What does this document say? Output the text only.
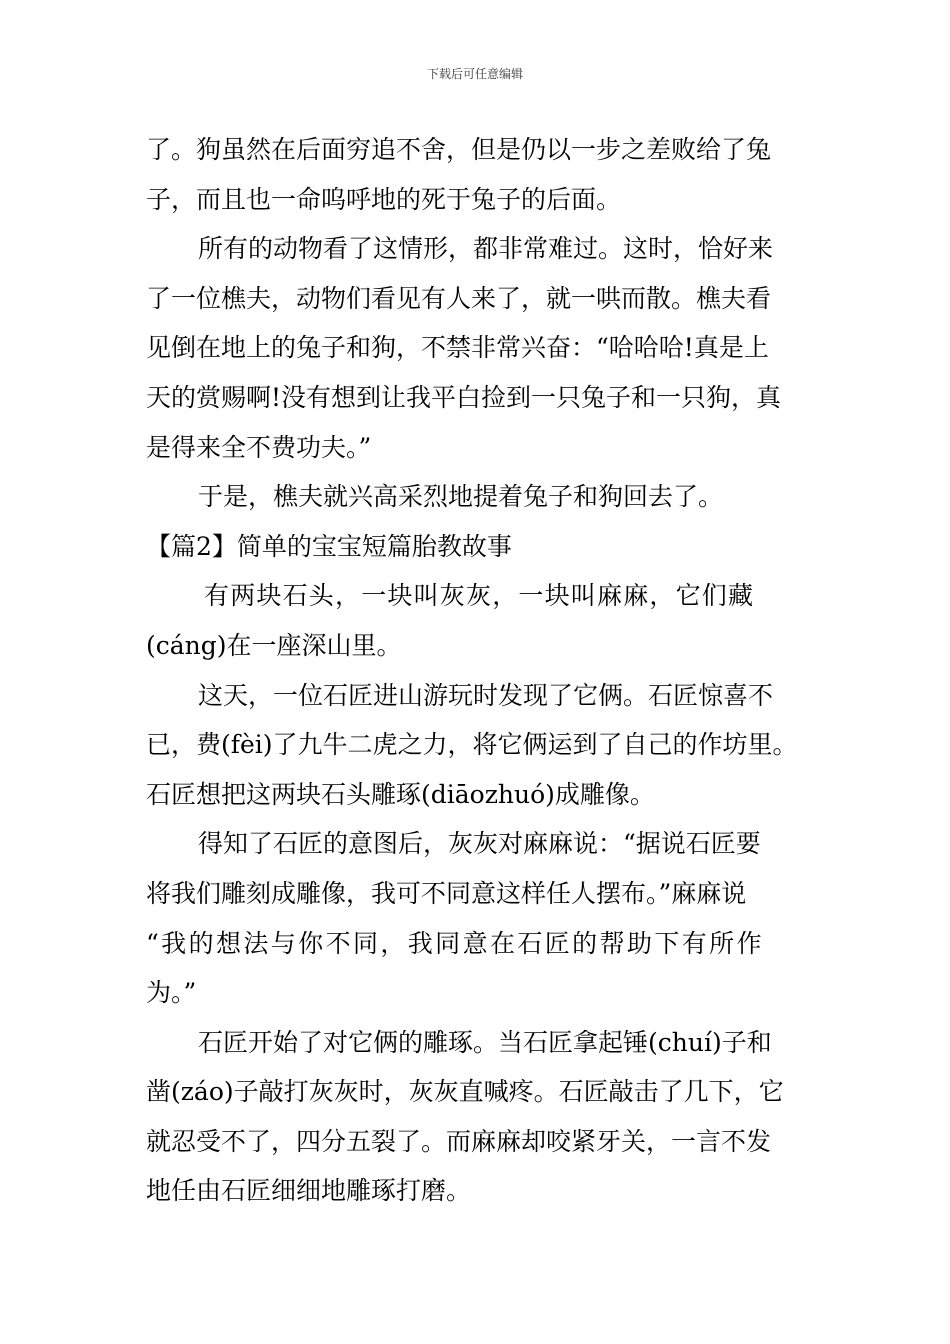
下载后可任意编辑
了。狗虽然在后面穷追不舍，但是仍以一步之差败给了兔
子，而且也一命呜呼地的死于兔子的后面。
所有的动物看了这情形，都非常难过。这时，恰好来
了一位樵夫，动物们看见有人来了，就一哄而散。樵夫看
见倒在地上的兔子和狗，不禁非常兴奋：“哈哈哈!真是上
天的赏赐啊!没有想到让我平白捡到一只兔子和一只狗，真
是得来全不费功夫。”
于是，樵夫就兴高采烈地提着兔子和狗回去了。
【篇2】简单的宝宝短篇胎教故事
有两块石头，一块叫灰灰，一块叫麻麻，它们藏
(cáng)在一座深山里。
这天，一位石匠进山游玩时发现了它俩。石匠惊喜不
已，费(fèi)了九牛二虎之力，将它俩运到了自己的作坊里。
石匠想把这两块石头雕琢(diāozhuó)成雕像。
得知了石匠的意图后，灰灰对麻麻说：“据说石匠要
将我们雕刻成雕像，我可不同意这样任人摆布。”麻麻说
“我的想法与你不同，我同意在石匠的帮助下有所作
为。”
石匠开始了对它俩的雕琢。当石匠拿起锤(chuí)子和
凿(záo)子敲打灰灰时，灰灰直喊疼。石匠敲击了几下，它
就忍受不了，四分五裂了。而麻麻却咬紧牙关，一言不发
地任由石匠细细地雕琢打磨。
